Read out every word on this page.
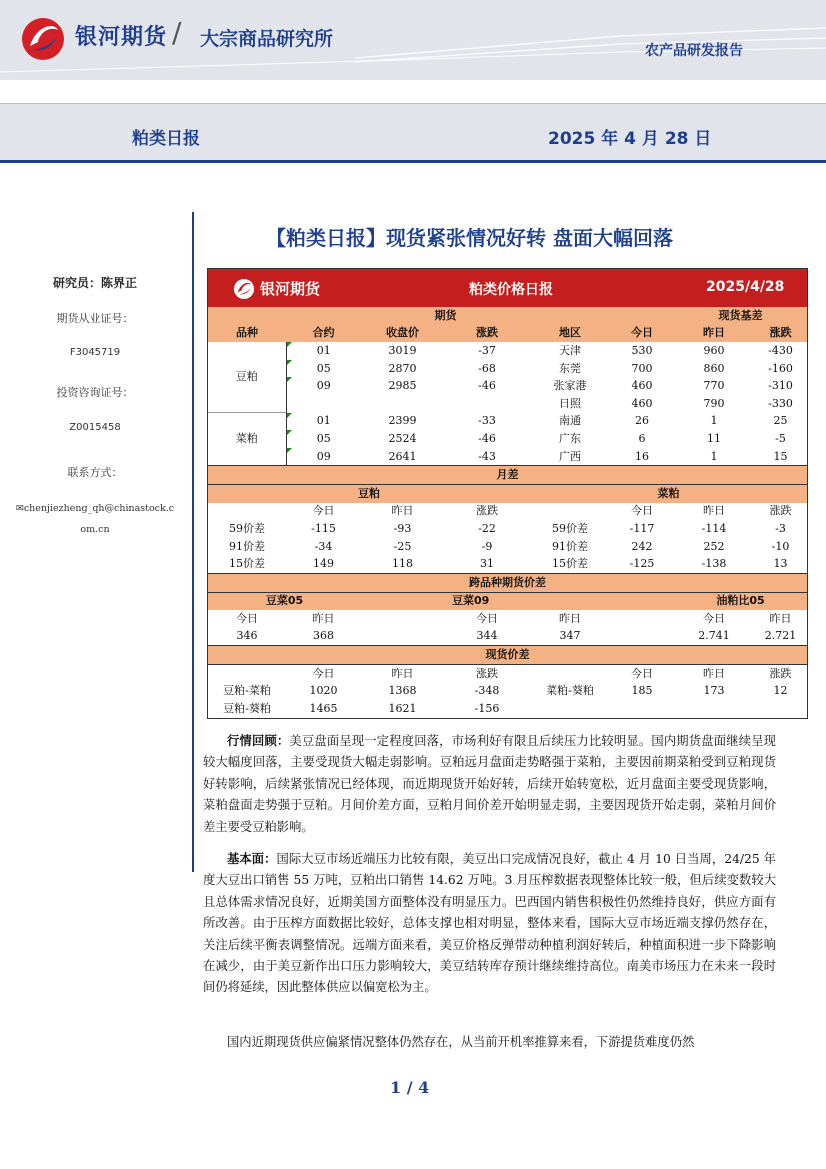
银河期货 / 大宗商品研究所
农产品研发报告
粕类日报	2025 年 4 月 28 日
研究员：陈界正
期货从业证号：
F3045719
投资咨询证号：
Z0015458
联系方式：
✉chenjiezheng_qh@chinastock.c
om.cn
【粕类日报】现货紧张情况好转 盘面大幅回落
银河期货	粕类价格日报	2025/4/28
		期货				现货基差	
品种	合约	收盘价	涨跌	地区	今日	昨日	涨跌
豆粕	01	3019	-37	天津	530	960	-430

05	2870	-68	东莞	700	860	-160

09	2985	-46	张家港	460	770	-310
				日照	460	790	-330
菜粕	01	2399	-33	南通	26	1	25

05	2524	-46	广东	6	11	-5

09	2641	-43	广西	16	1	15
月差							
豆粕				菜粕			
	今日	昨日	涨跌		今日	昨日	涨跌
59价差	-115	-93	-22	59价差	-117	-114	-3
91价差	-34	-25	-9	91价差	242	252	-10
15价差	149	118	31	15价差	-125	-138	13
跨品种期货价差							
豆菜05			豆菜09			油粕比05	
今日	昨日		今日	昨日		今日	昨日
346	368		344	347		2.741	2.721
现货价差							
	今日	昨日	涨跌		今日	昨日	涨跌
豆粕-菜粕	1020	1368	-348	菜粕-葵粕	185	173	12
豆粕-葵粕	1465	1621	-156				
行情回顾：美豆盘面呈现一定程度回落，市场利好有限且后续压力比较明显。国内期货盘面继续呈现较大幅度回落，主要受现货大幅走弱影响。豆粕远月盘面走势略强于菜粕，主要因前期菜粕受到豆粕现货好转影响，后续紧张情况已经体现，而近期现货开始好转，后续开始转宽松，近月盘面主要受现货影响，菜粕盘面走势强于豆粕。月间价差方面，豆粕月间价差开始明显走弱，主要因现货开始走弱，菜粕月间价差主要受豆粕影响。
基本面：国际大豆市场近端压力比较有限，美豆出口完成情况良好，截止 4 月 10 日当周，24/25 年度大豆出口销售 55 万吨，豆粕出口销售 14.62 万吨。3 月压榨数据表现整体比较一般，但后续变数较大且总体需求情况良好，近期美国方面整体没有明显压力。巴西国内销售积极性仍然维持良好，供应方面有所改善。由于压榨方面数据比较好，总体支撑也相对明显，整体来看，国际大豆市场近端支撑仍然存在，关注后续平衡表调整情况。远端方面来看，美豆价格反弹带动种植利润好转后，种植面积进一步下降影响在减少，由于美豆新作出口压力影响较大，美豆结转库存预计继续维持高位。南美市场压力在未来一段时间仍将延续，因此整体供应以偏宽松为主。
国内近期现货供应偏紧情况整体仍然存在，从当前开机率推算来看，下游提货难度仍然
1 / 4
